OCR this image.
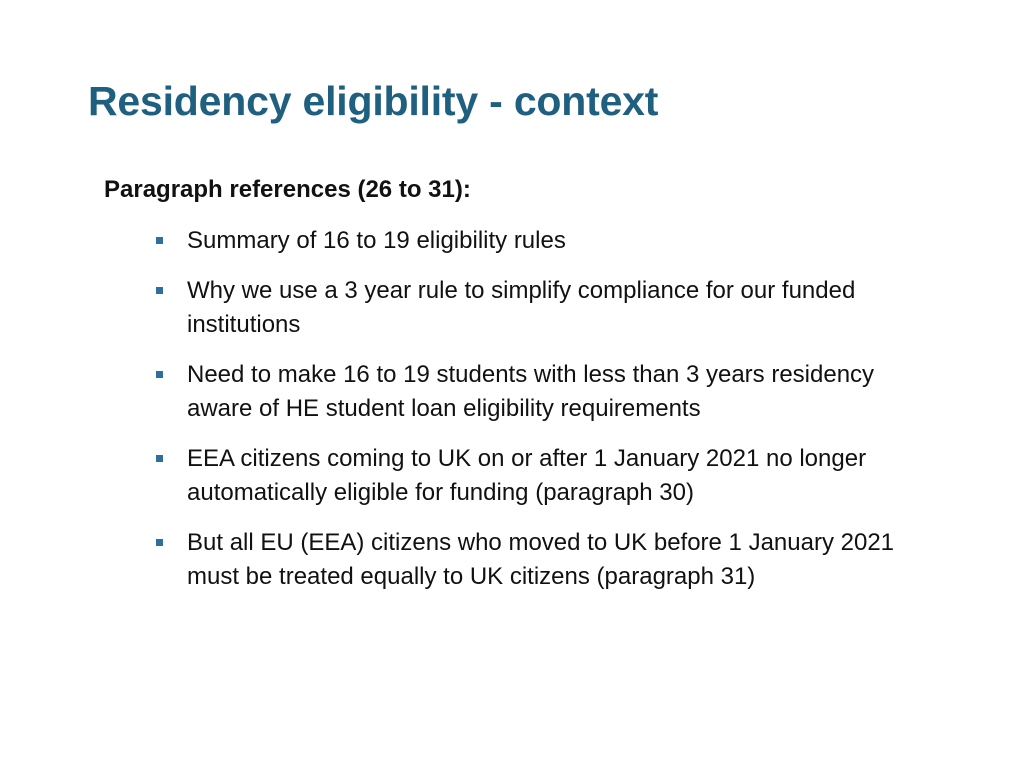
Residency eligibility - context
Paragraph references (26 to 31):
Summary of 16 to 19 eligibility rules
Why we use a 3 year rule to simplify compliance for our funded institutions
Need to make 16 to 19 students with less than 3 years residency aware of HE student loan eligibility requirements
EEA citizens coming to UK on or after 1 January 2021 no longer automatically eligible for funding (paragraph 30)
But all EU (EEA) citizens who moved to UK before 1 January 2021 must be treated equally to UK citizens (paragraph 31)
